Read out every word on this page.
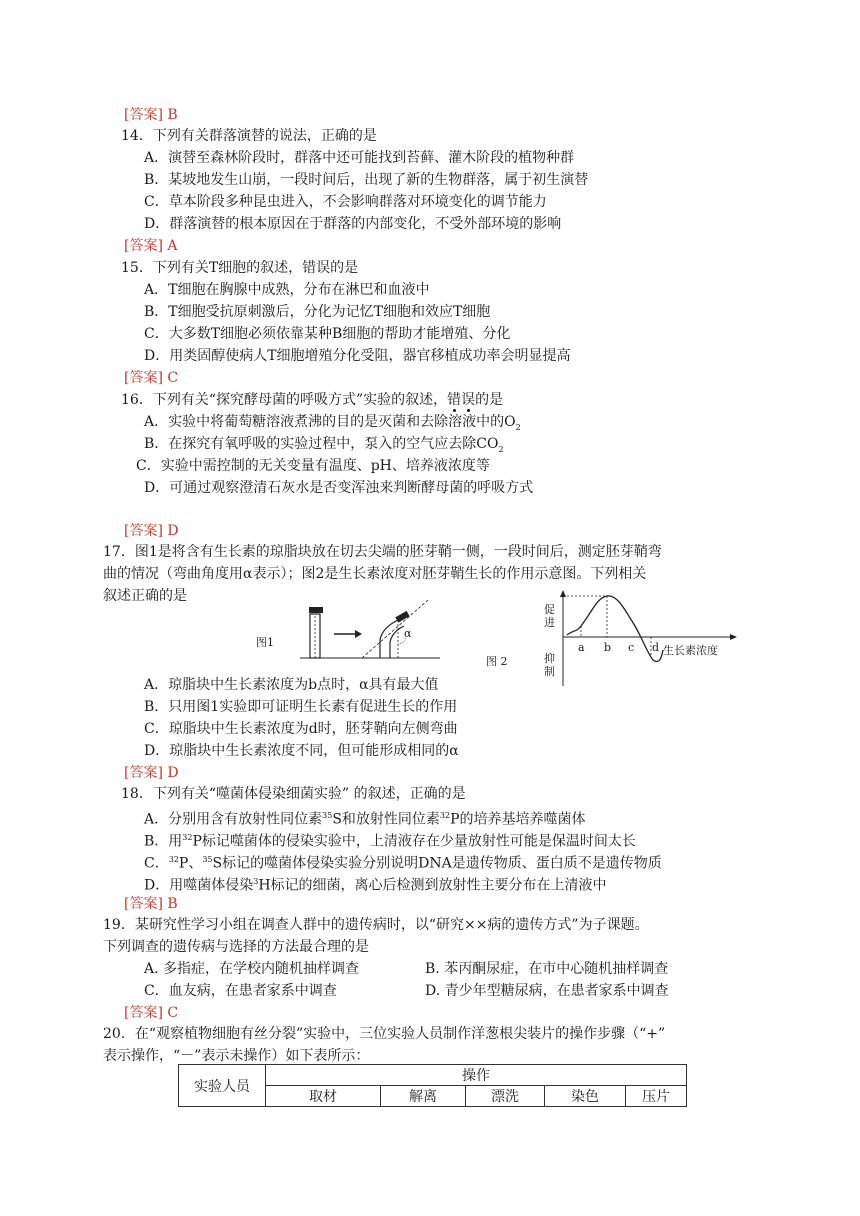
[答案] B
14．下列有关群落演替的说法，正确的是
A．演替至森林阶段时，群落中还可能找到苔藓、灌木阶段的植物种群
B．某坡地发生山崩，一段时间后，出现了新的生物群落，属于初生演替
C．草本阶段多种昆虫进入，不会影响群落对环境变化的调节能力
D．群落演替的根本原因在于群落的内部变化，不受外部环境的影响
[答案] A
15．下列有关T细胞的叙述，错误的是
A．T细胞在胸腺中成熟，分布在淋巴和血液中
B．T细胞受抗原刺激后，分化为记忆T细胞和效应T细胞
C．大多数T细胞必须依靠某种B细胞的帮助才能增殖、分化
D．用类固醇使病人T细胞增殖分化受阻，器官移植成功率会明显提高
[答案] C
16．下列有关“探究酵母菌的呼吸方式”实验的叙述，错误的是
A．实验中将葡萄糖溶液煮沸的目的是灭菌和去除溶液中的$O_2$
B．在探究有氧呼吸的实验过程中，泵入的空气应去除$CO_2$
C．实验中需控制的无关变量有温度、pH、培养液浓度等
D．可通过观察澄清石灰水是否变浑浊来判断酵母菌的呼吸方式
[答案] D
17．图1是将含有生长素的琼脂块放在切去尖端的胚芽鞘一侧，一段时间后，测定胚芽鞘弯
曲的情况（弯曲角度用α表示）；图2是生长素浓度对胚芽鞘生长的作用示意图。下列相关
叙述正确的是
α
图1
促
进
抑
制
a b c d 生长素浓度
图 2
A．琼脂块中生长素浓度为b点时，α具有最大值
B．只用图1实验即可证明生长素有促进生长的作用
C．琼脂块中生长素浓度为d时，胚芽鞘向左侧弯曲
D．琼脂块中生长素浓度不同，但可能形成相同的α
[答案] D
18．下列有关“噬菌体侵染细菌实验” 的叙述，正确的是
A．分别用含有放射性同位素$^{35}$S和放射性同位素$^{32}$P的培养基培养噬菌体
B．用$^{32}$P标记噬菌体的侵染实验中，上清液存在少量放射性可能是保温时间太长
C．$^{32}$P、$^{35}$S标记的噬菌体侵染实验分别说明DNA是遗传物质、蛋白质不是遗传物质
D．用噬菌体侵染$^3$H标记的细菌，离心后检测到放射性主要分布在上清液中
[答案] B
19．某研究性学习小组在调查人群中的遗传病时，以“研究××病的遗传方式”为子课题。
下列调查的遗传病与选择的方法最合理的是
A. 多指症，在学校内随机抽样调查	B. 苯丙酮尿症，在市中心随机抽样调查
C．血友病，在患者家系中调查	D. 青少年型糖尿病，在患者家系中调查
[答案] C
20．在“观察植物细胞有丝分裂”实验中，三位实验人员制作洋葱根尖装片的操作步骤（“+”
表示操作，“－”表示未操作）如下表所示：
实验人员	操作				
	取材	解离	漂洗	染色	压片
